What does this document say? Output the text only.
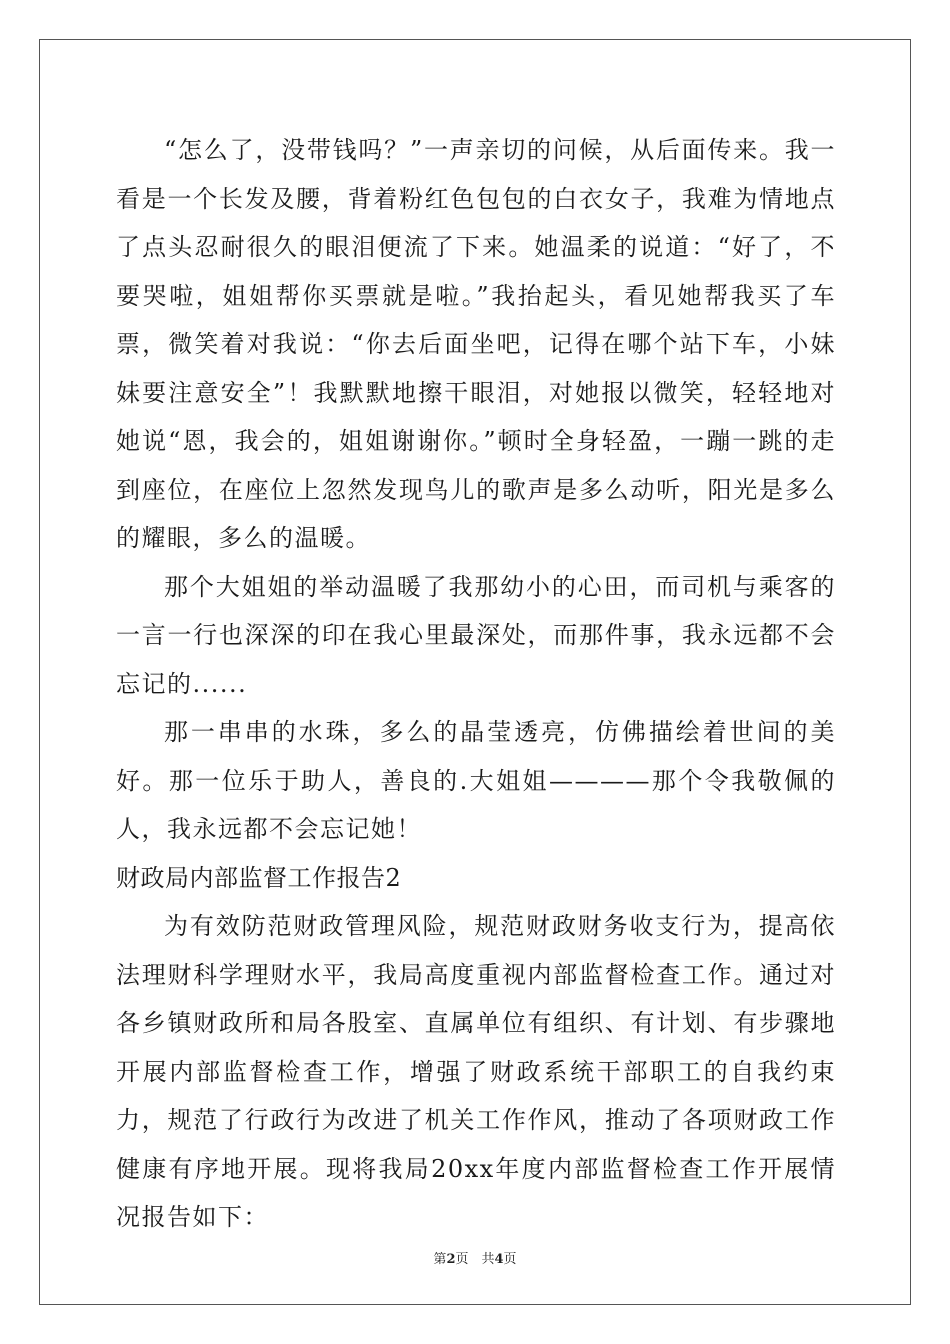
“怎么了，没带钱吗？”一声亲切的问候，从后面传来。我一看是一个长发及腰，背着粉红色包包的白衣女子，我难为情地点了点头忍耐很久的眼泪便流了下来。她温柔的说道：“好了，不要哭啦，姐姐帮你买票就是啦。”我抬起头，看见她帮我买了车票，微笑着对我说：“你去后面坐吧，记得在哪个站下车，小妹妹要注意安全”！我默默地擦干眼泪，对她报以微笑，轻轻地对她说“恩，我会的，姐姐谢谢你。”顿时全身轻盈，一蹦一跳的走到座位，在座位上忽然发现鸟儿的歌声是多么动听，阳光是多么的耀眼，多么的温暖。

那个大姐姐的举动温暖了我那幼小的心田，而司机与乘客的一言一行也深深的印在我心里最深处，而那件事，我永远都不会忘记的......

那一串串的水珠，多么的晶莹透亮，仿佛描绘着世间的美好。那一位乐于助人，善良的.大姐姐————那个令我敬佩的人，我永远都不会忘记她！

财政局内部监督工作报告2

为有效防范财政管理风险，规范财政财务收支行为，提高依法理财科学理财水平，我局高度重视内部监督检查工作。通过对各乡镇财政所和局各股室、直属单位有组织、有计划、有步骤地开展内部监督检查工作，增强了财政系统干部职工的自我约束力，规范了行政行为改进了机关工作作风，推动了各项财政工作健康有序地开展。现将我局20xx年度内部监督检查工作开展情况报告如下：

第2页　共4页
